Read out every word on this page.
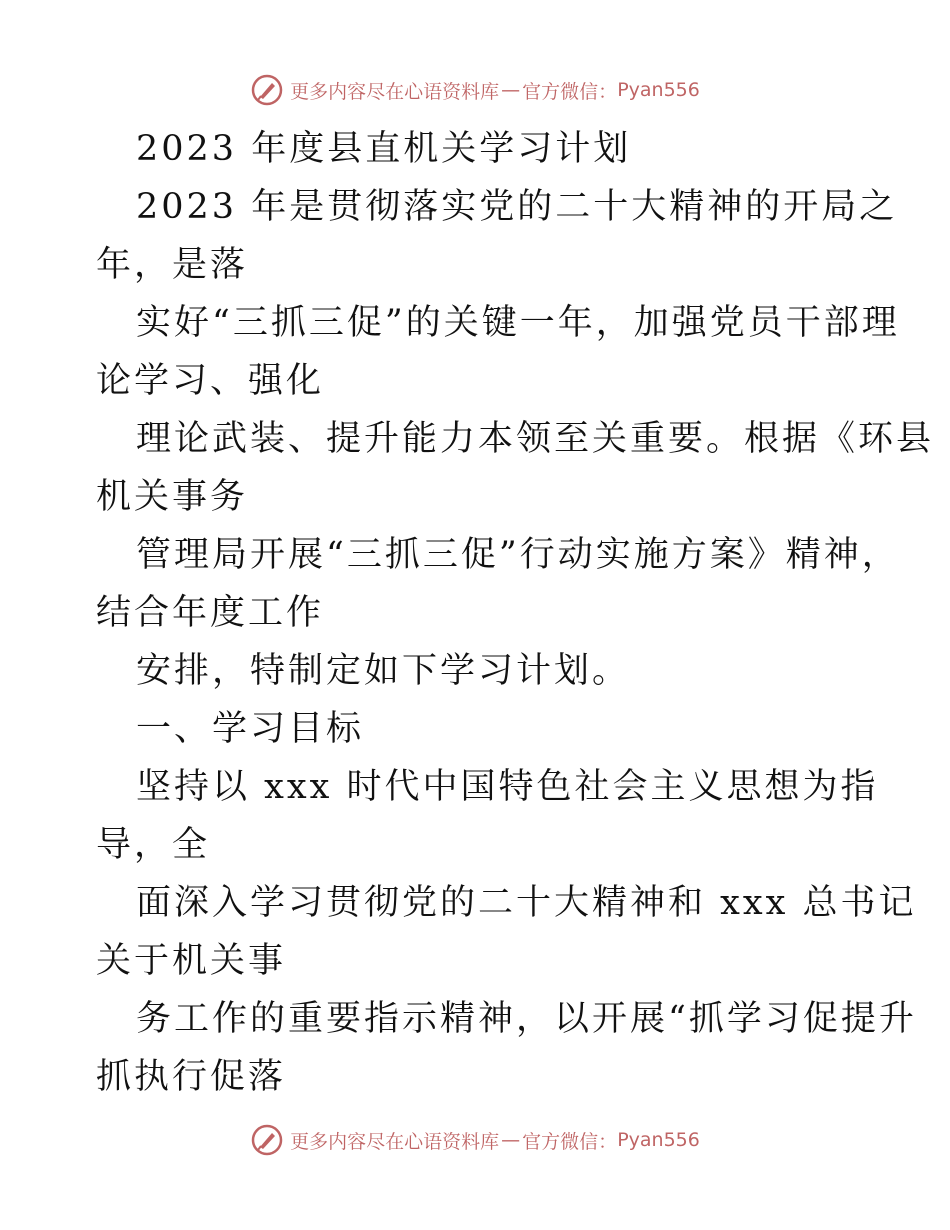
更多内容尽在心语资料库 — 官方微信： Pyan556
2023 年度县直机关学习计划
2023 年是贯彻落实党的二十大精神的开局之
年，是落
实好“三抓三促”的关键一年，加强党员干部理
论学习、强化
理论武装、提升能力本领至关重要。根据《环县
机关事务
管理局开展“三抓三促”行动实施方案》精神，
结合年度工作
安排，特制定如下学习计划。
一、学习目标
坚持以 xxx 时代中国特色社会主义思想为指
导，全
面深入学习贯彻党的二十大精神和 xxx 总书记
关于机关事
务工作的重要指示精神，以开展“抓学习促提升
抓执行促落
更多内容尽在心语资料库 — 官方微信： Pyan556
